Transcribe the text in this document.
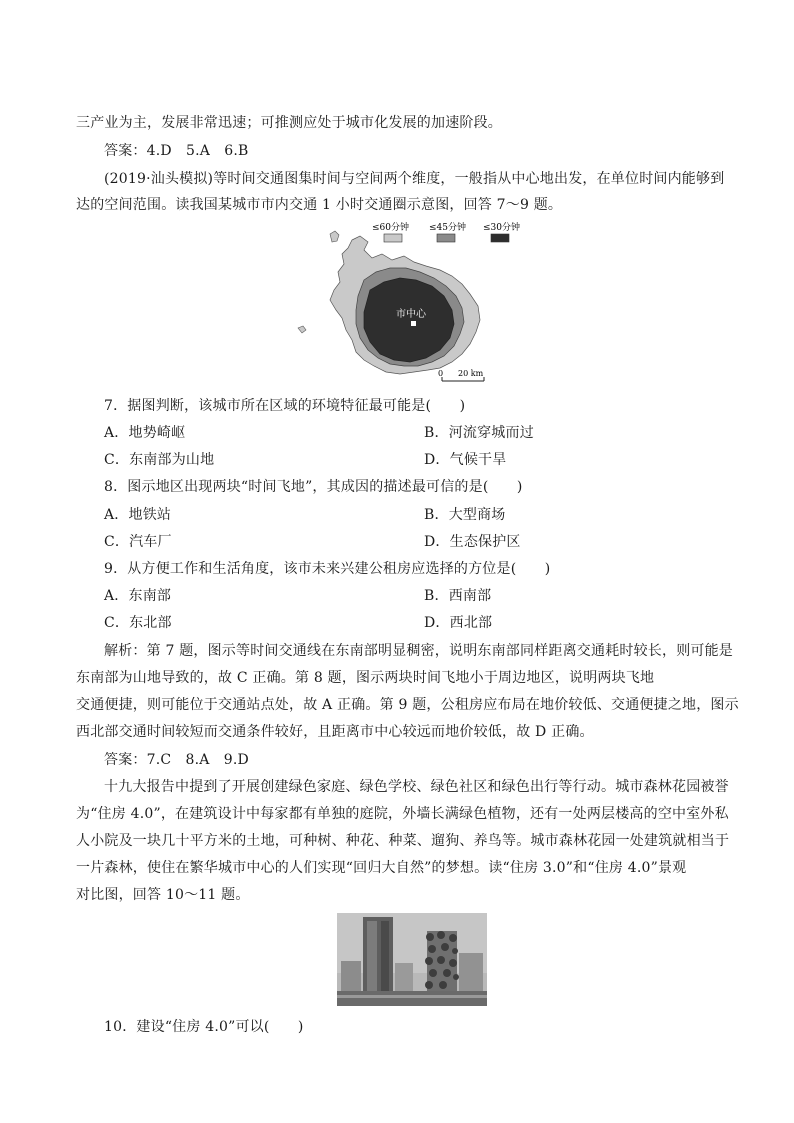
三产业为主，发展非常迅速；可推测应处于城市化发展的加速阶段。
答案：4.D　5.A　6.B
(2019·汕头模拟)等时间交通图集时间与空间两个维度，一般指从中心地出发，在单位时间内能够到
达的空间范围。读我国某城市市内交通 1 小时交通圈示意图，回答 7～9 题。
≤60分钟 ≤45分钟 ≤30分钟
市中心
0 20 km
7．据图判断，该城市所在区域的环境特征最可能是(　　)
A．地势崎岖	B．河流穿城而过
C．东南部为山地	D．气候干旱
8．图示地区出现两块“时间飞地”，其成因的描述最可信的是(　　)
A．地铁站	B．大型商场
C．汽车厂	D．生态保护区
9．从方便工作和生活角度，该市未来兴建公租房应选择的方位是(　　)
A．东南部	B．西南部
C．东北部	D．西北部
解析：第 7 题，图示等时间交通线在东南部明显稠密，说明东南部同样距离交通耗时较长，则可能是
东南部为山地导致的，故 C 正确。第 8 题，图示两块时间飞地小于周边地区，说明两块飞地
交通便捷，则可能位于交通站点处，故 A 正确。第 9 题，公租房应布局在地价较低、交通便捷之地，图示
西北部交通时间较短而交通条件较好，且距离市中心较远而地价较低，故 D 正确。
答案：7.C　8.A　9.D
十九大报告中提到了开展创建绿色家庭、绿色学校、绿色社区和绿色出行等行动。城市森林花园被誉
为“住房 4.0”，在建筑设计中每家都有单独的庭院，外墙长满绿色植物，还有一处两层楼高的空中室外私
人小院及一块几十平方米的土地，可种树、种花、种菜、遛狗、养鸟等。城市森林花园一处建筑就相当于
一片森林，使住在繁华城市中心的人们实现“回归大自然”的梦想。读“住房 3.0”和“住房 4.0”景观
对比图，回答 10～11 题。
10．建设“住房 4.0”可以(　　)
